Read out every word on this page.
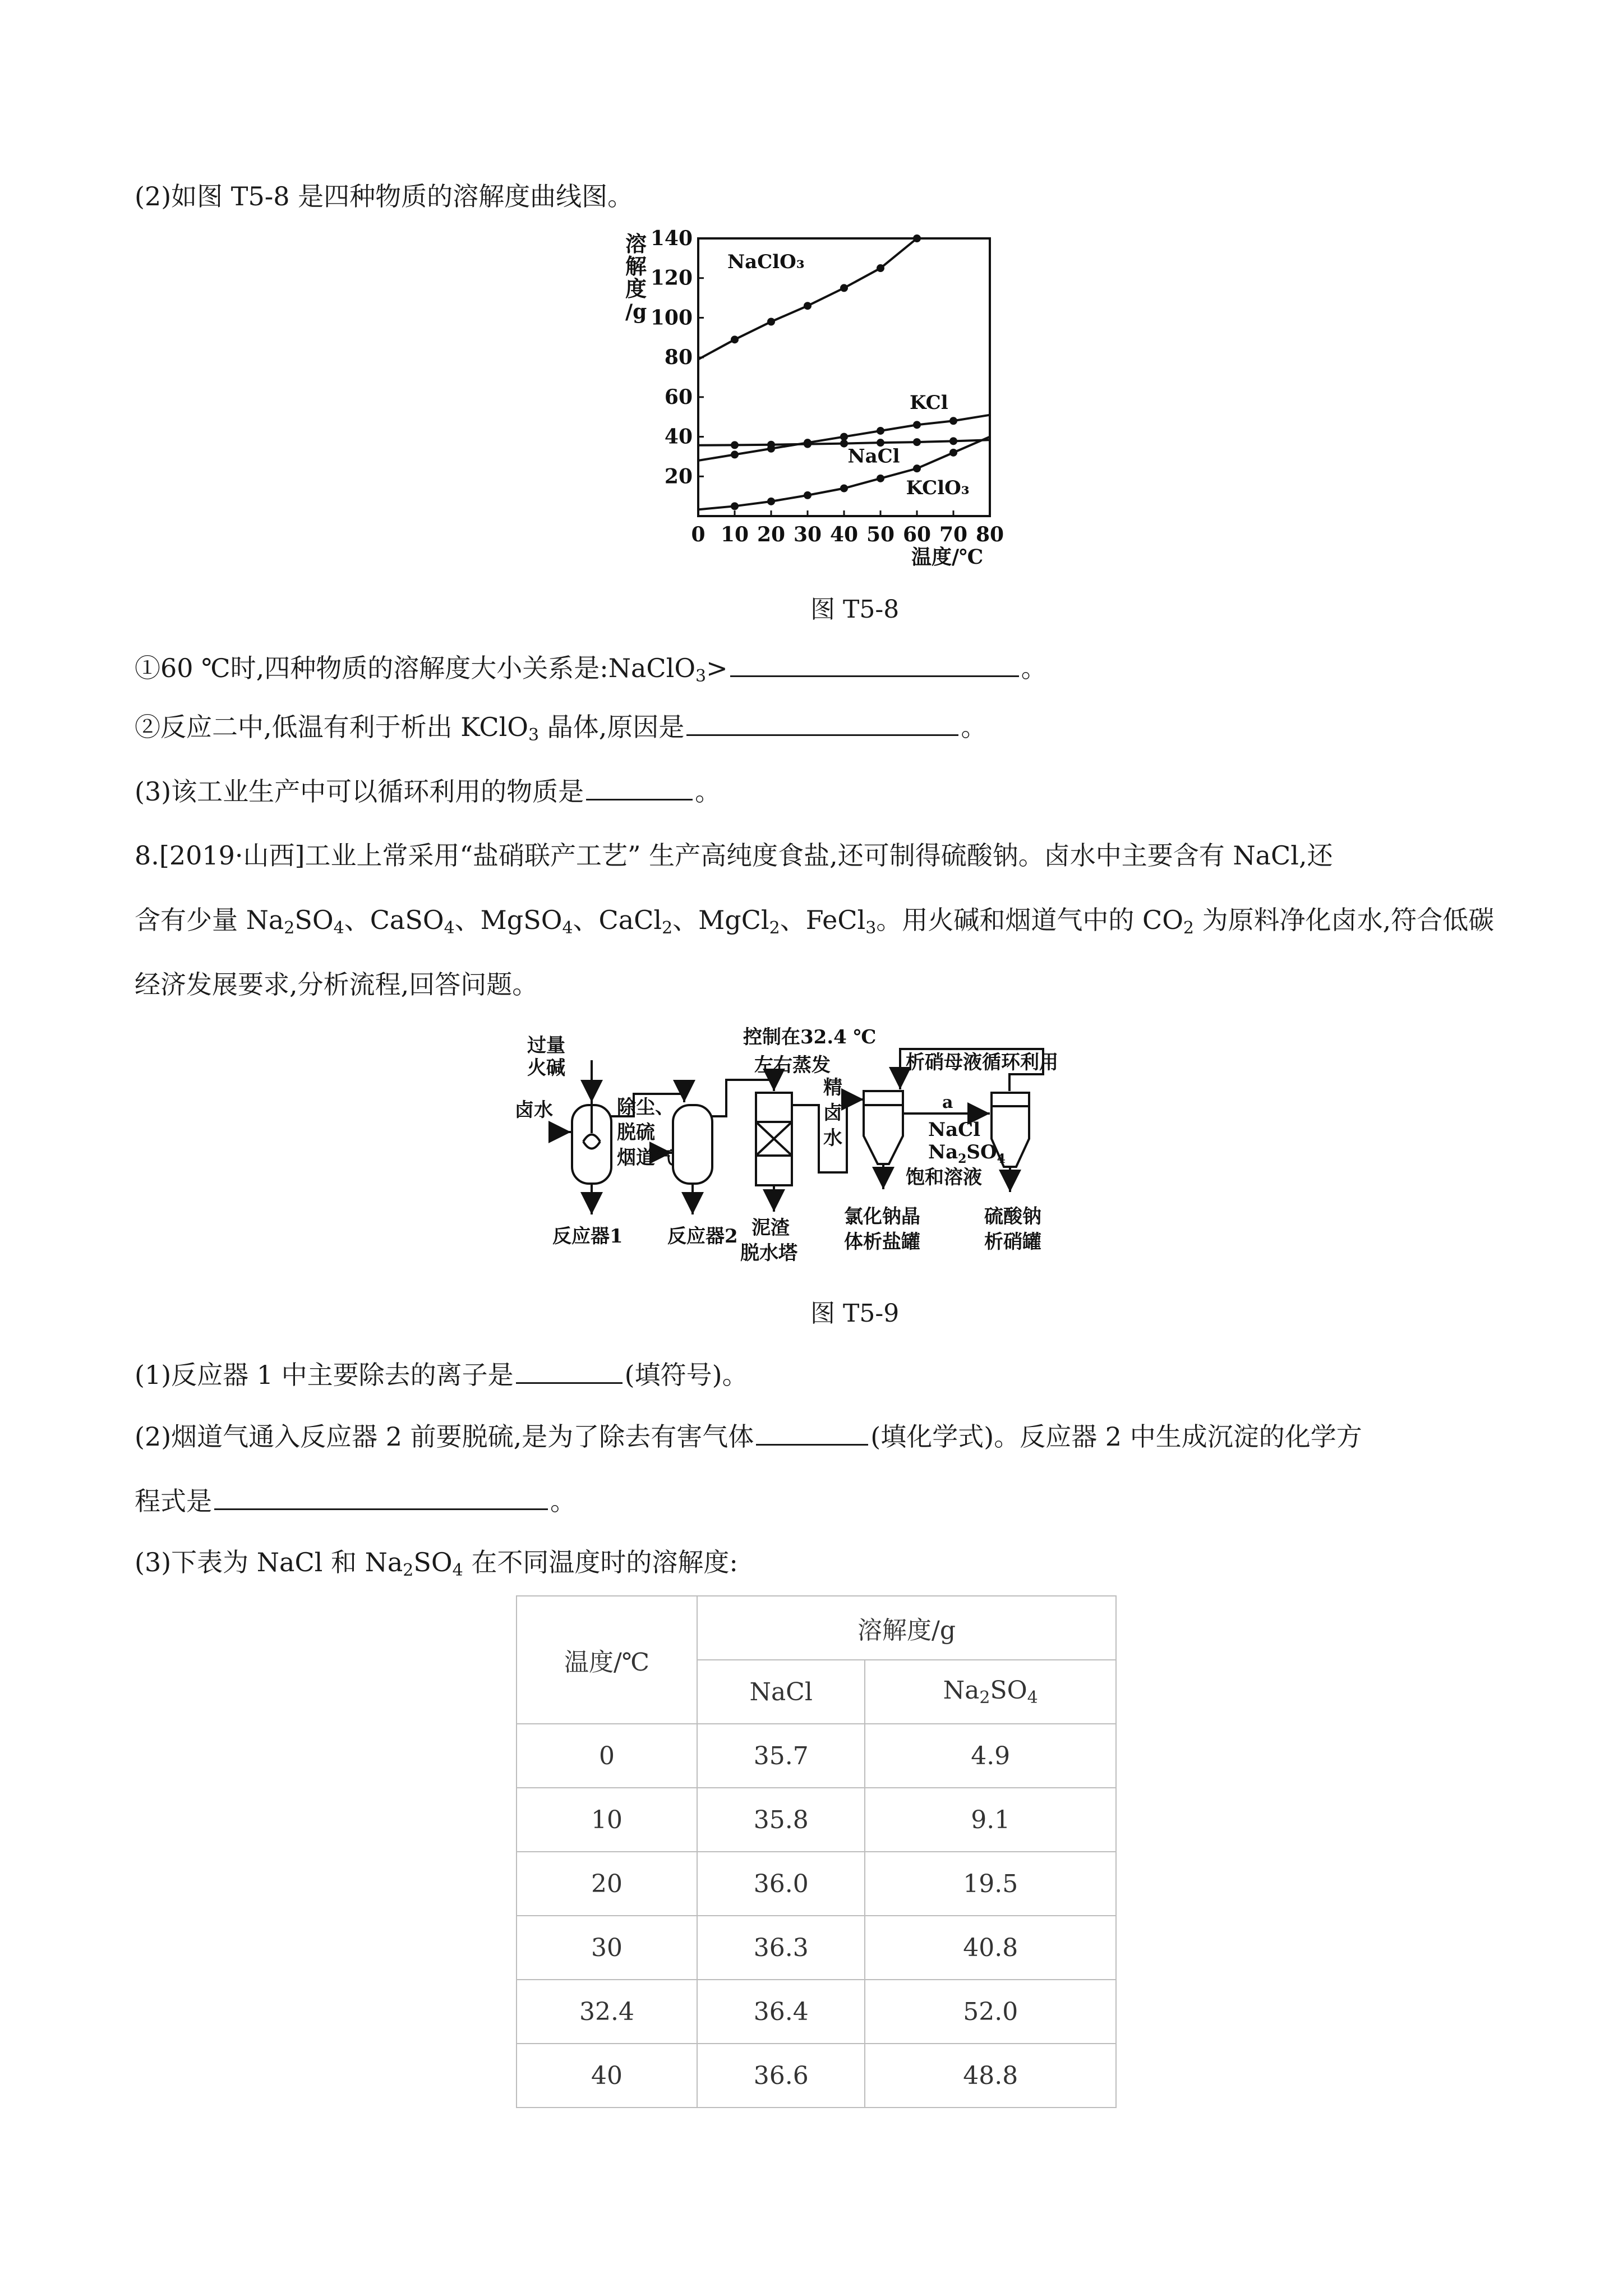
(2)如图 T5-8 是四种物质的溶解度曲线图。
0 10 20 30 40 50 60 70 80
20
40
60
80
100
120
140
NaClO₃
KCl
NaCl
KClO₃
溶
解
度
/g
温度/℃
图 T5-8
①60 ℃时,四种物质的溶解度大小关系是:NaClO$_3$>	。
②反应二中,低温有利于析出 KClO$_3$ 晶体,原因是	。
(3)该工业生产中可以循环利用的物质是	。
8.[2019·山西]工业上常采用“盐硝联产工艺” 生产高纯度食盐,还可制得硫酸钠。卤水中主要含有 NaCl,还
含有少量 $Na_2SO_4$、CaSO$_4$、MgSO$_4$、CaCl$_2$、MgCl$_2$、FeCl$_3$。用火碱和烟道气中的 $CO_2$ 为原料净化卤水,符合低碳
经济发展要求,分析流程,回答问题。
过量
火碱
卤水	除尘、
脱硫
烟道气
反应器1 反应器2
控制在32.4 ℃
左右蒸发
精
卤
水
泥渣
脱水塔
析硝母液循环利用
a
NaCl
$Na_2SO_4$
饱和溶液
氯化钠晶
体析盐罐
硫酸钠
析硝罐
图 T5-9
(1)反应器 1 中主要除去的离子是	(填符号)。
(2)烟道气通入反应器 2 前要脱硫,是为了除去有害气体	(填化学式)。反应器 2 中生成沉淀的化学方
程式是	。
(3)下表为 NaCl 和 $Na_2SO_4$ 在不同温度时的溶解度:
温度/℃	溶解度/g	
	NaCl	$Na_2SO_4$
0	35.7	4.9
10	35.8	9.1
20	36.0	19.5
30	36.3	40.8
32.4	36.4	52.0
40	36.6	48.8
